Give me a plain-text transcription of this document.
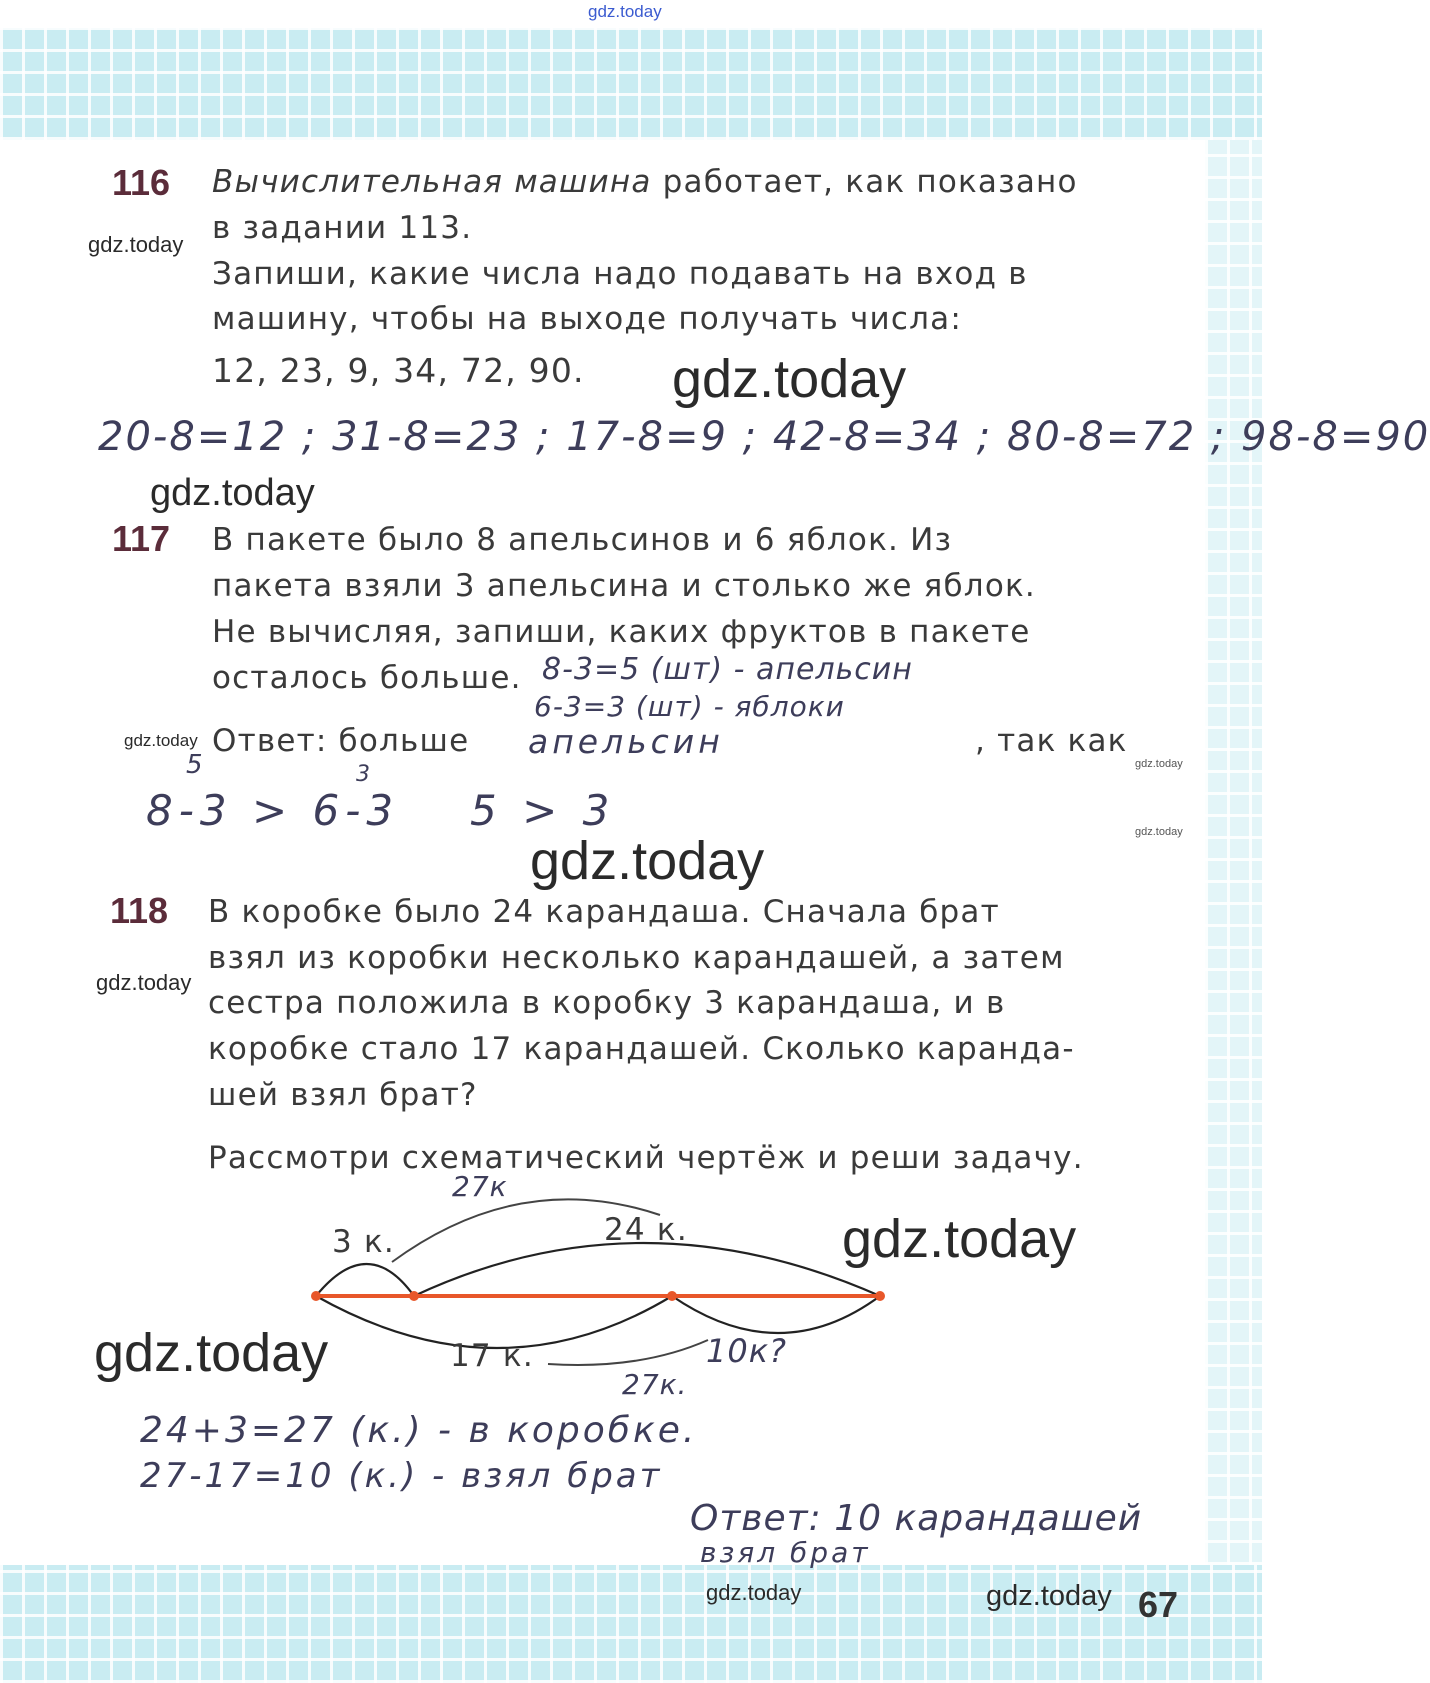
gdz.today
116 Вычислительная машина работает, как показано
gdz.today в задании 113.
Запиши, какие числа надо подавать на вход в
машину, чтобы на выходе получать числа:
12, 23, 9, 34, 72, 90. gdz.today
20-8=12 ; 31-8=23 ; 17-8=9 ; 42-8=34 ; 80-8=72 ; 98-8=90
gdz.today
117 В пакете было 8 апельсинов и 6 яблок. Из
пакета взяли 3 апельсина и столько же яблок.
Не вычисляя, запиши, каких фруктов в пакете
осталось больше. 8-3=5 (шт) - апельсин
6-3=3 (шт) - яблоки
gdz.today Ответ: больше апельсин	, так как
gdz.today
5	3
8-3 > 6-3 5 > 3	gdz.today
gdz.today
118 В коробке было 24 карандаша. Сначала брат
gdz.today
взял из коробки несколько карандашей, а затем
сестра положила в коробку 3 карандаша, и в
коробке стало 17 карандашей. Сколько каранда-
шей взял брат?
Рассмотри схематический чертёж и реши задачу.
27к
3 к.	24 к.	gdz.today
gdz.today	17 к.	10к?
27к.
24+3=27 (к.) - в коробке.
27-17=10 (к.) - взял брат
Ответ: 10 карандашей
взял брат
gdz.today	gdz.today 67
